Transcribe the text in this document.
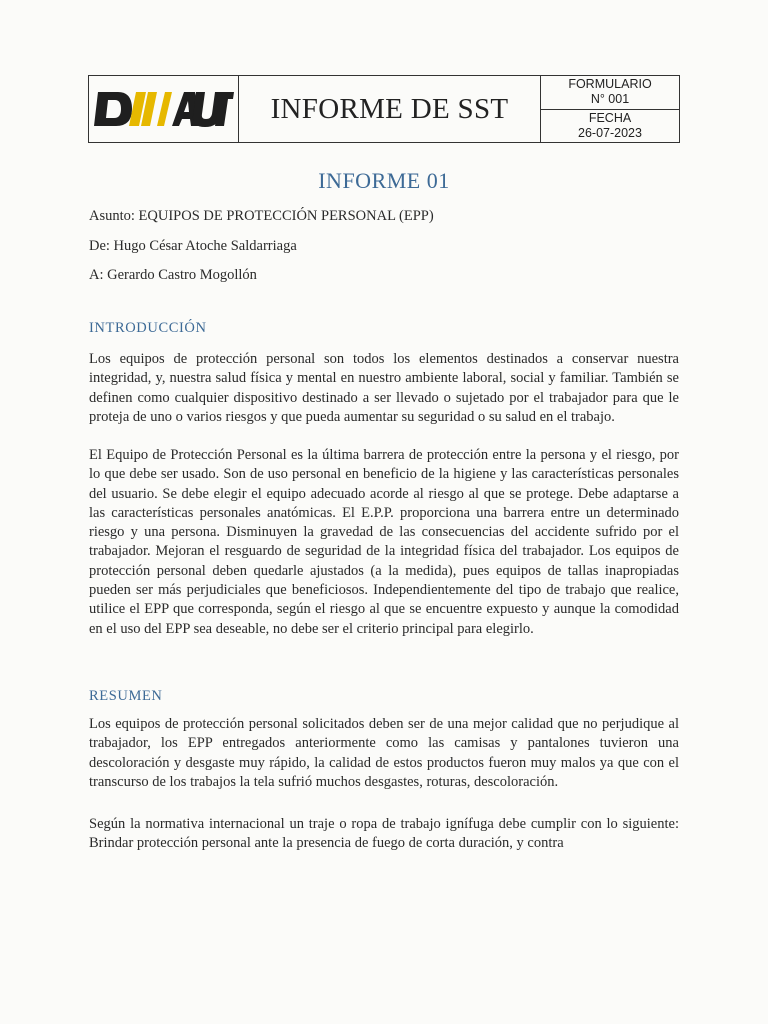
INFORME DE SST
FORMULARIO
N° 001
FECHA
26-07-2023
INFORME 01
Asunto: EQUIPOS DE PROTECCIÓN PERSONAL (EPP)
De: Hugo César Atoche Saldarriaga
A: Gerardo Castro Mogollón
INTRODUCCIÓN

Los equipos de protección personal son todos los elementos destinados a conservar nuestra integridad, y, nuestra salud física y mental en nuestro ambiente laboral, social y familiar. También se definen como cualquier dispositivo destinado a ser llevado o sujetado por el trabajador para que le proteja de uno o varios riesgos y que pueda aumentar su seguridad o su salud en el trabajo.

El Equipo de Protección Personal es la última barrera de protección entre la persona y el riesgo, por lo que debe ser usado. Son de uso personal en beneficio de la higiene y las características personales del usuario. Se debe elegir el equipo adecuado acorde al riesgo al que se protege. Debe adaptarse a las características personales anatómicas. El E.P.P. proporciona una barrera entre un determinado riesgo y una persona. Disminuyen la gravedad de las consecuencias del accidente sufrido por el trabajador. Mejoran el resguardo de seguridad de la integridad física del trabajador. Los equipos de protección personal deben quedarle ajustados (a la medida), pues equipos de tallas inapropiadas pueden ser más perjudiciales que beneficiosos. Independientemente del tipo de trabajo que realice, utilice el EPP que corresponda, según el riesgo al que se encuentre expuesto y aunque la comodidad en el uso del EPP sea deseable, no debe ser el criterio principal para elegirlo.

RESUMEN

Los equipos de protección personal solicitados deben ser de una mejor calidad que no perjudique al trabajador, los EPP entregados anteriormente como las camisas y pantalones tuvieron una descoloración y desgaste muy rápido, la calidad de estos productos fueron muy malos ya que con el transcurso de los trabajos la tela sufrió muchos desgastes, roturas, descoloración.

Según la normativa internacional un traje o ropa de trabajo ignífuga debe cumplir con lo siguiente: Brindar protección personal ante la presencia de fuego de corta duración, y contra
